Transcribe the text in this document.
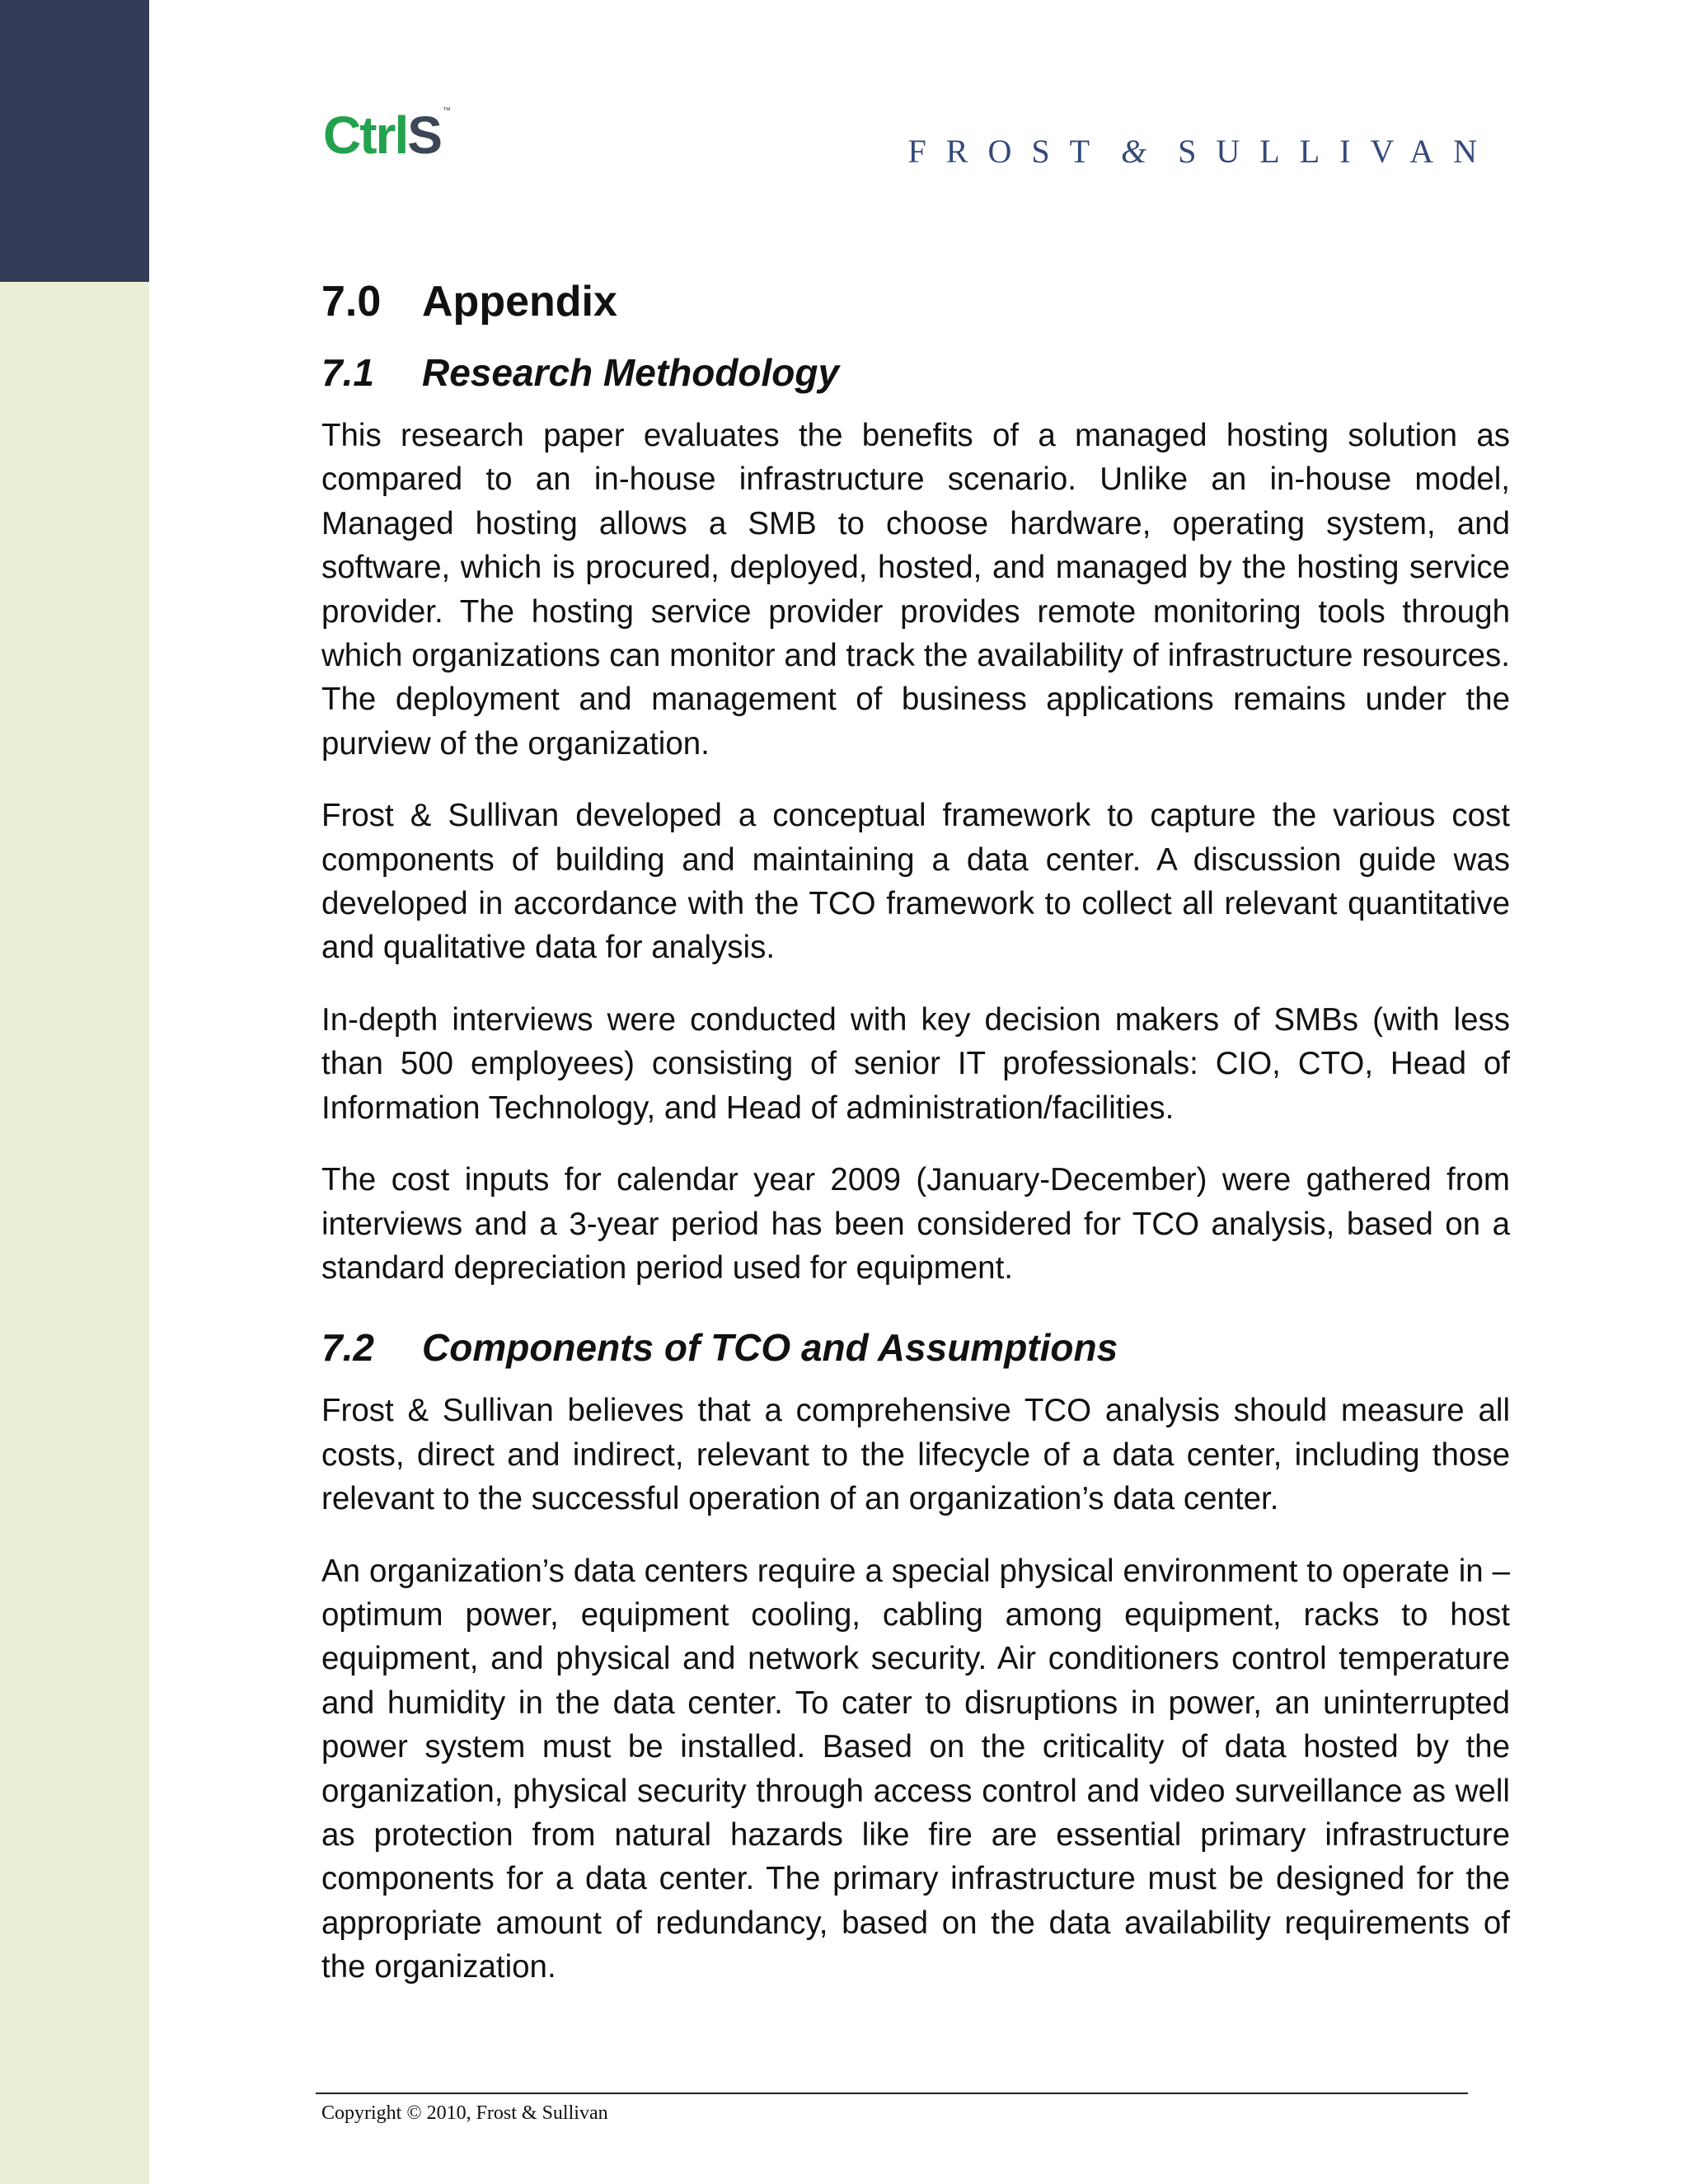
CtrlS ™
FROST & SULLIVAN
7.0 Appendix
7.1 Research Methodology

This research paper evaluates the benefits of a managed hosting solution as compared to an in-house infrastructure scenario. Unlike an in-house model, Managed hosting allows a SMB to choose hardware, operating system, and software, which is procured, deployed, hosted, and managed by the hosting service provider. The hosting service provider provides remote monitoring tools through which organizations can monitor and track the availability of infrastructure resources. The deployment and management of business applications remains under the purview of the organization.

Frost & Sullivan developed a conceptual framework to capture the various cost components of building and maintaining a data center. A discussion guide was developed in accordance with the TCO framework to collect all relevant quantitative and qualitative data for analysis.

In-depth interviews were conducted with key decision makers of SMBs (with less than 500 employees) consisting of senior IT professionals: CIO, CTO, Head of Information Technology, and Head of administration/facilities.

The cost inputs for calendar year 2009 (January-December) were gathered from interviews and a 3-year period has been considered for TCO analysis, based on a standard depreciation period used for equipment.

7.2 Components of TCO and Assumptions

Frost & Sullivan believes that a comprehensive TCO analysis should measure all costs, direct and indirect, relevant to the lifecycle of a data center, including those relevant to the successful operation of an organization’s data center.

An organization’s data centers require a special physical environment to operate in – optimum power, equipment cooling, cabling among equipment, racks to host equipment, and physical and network security. Air conditioners control temperature and humidity in the data center. To cater to disruptions in power, an uninterrupted power system must be installed. Based on the criticality of data hosted by the organization, physical security through access control and video surveillance as well as protection from natural hazards like fire are essential primary infrastructure components for a data center. The primary infrastructure must be designed for the appropriate amount of redundancy, based on the data availability requirements of the organization.

Copyright © 2010, Frost & Sullivan
